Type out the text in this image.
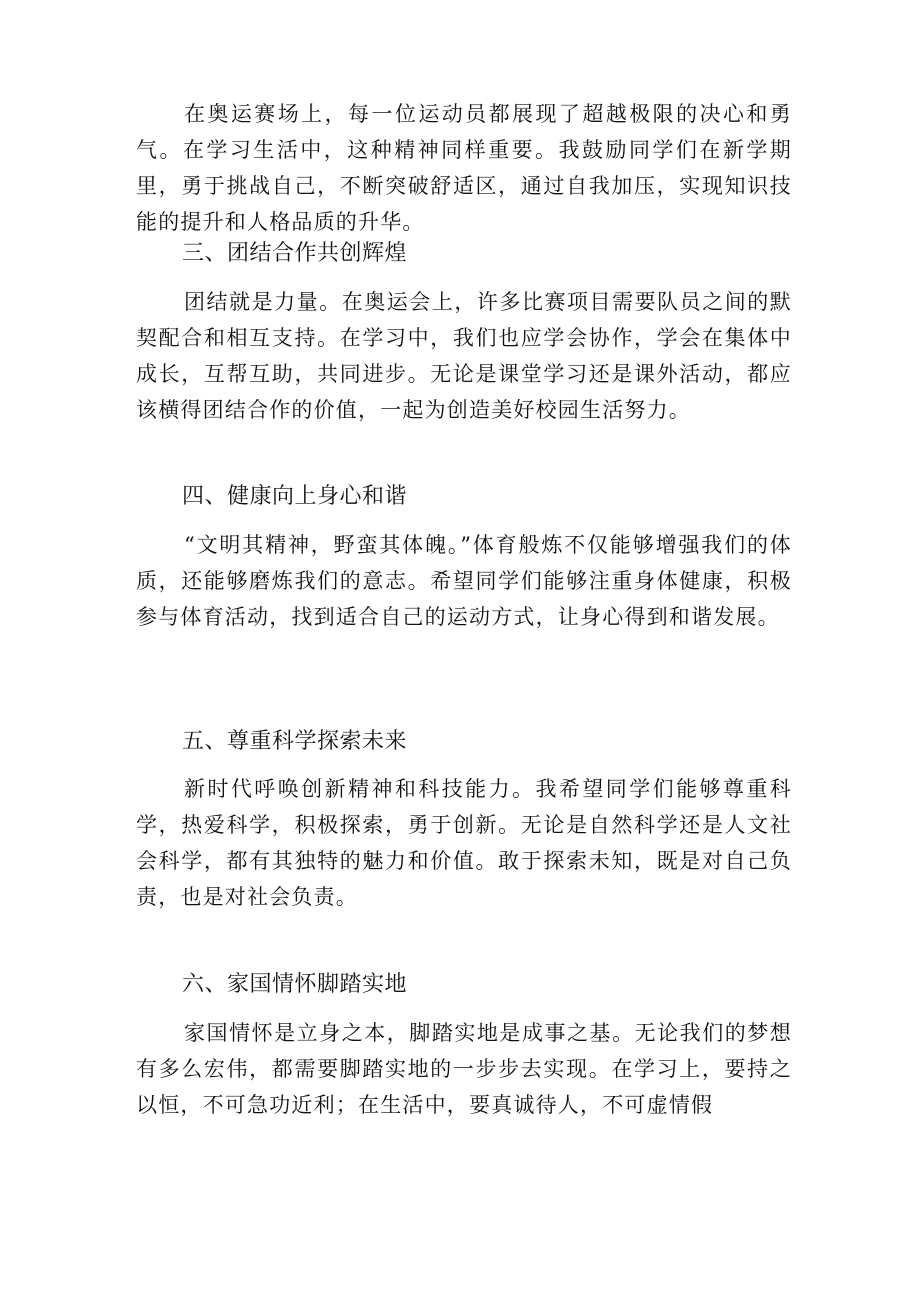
在奥运赛场上，每一位运动员都展现了超越极限的决心和勇气。在学习生活中，这种精神同样重要。我鼓励同学们在新学期里，勇于挑战自己，不断突破舒适区，通过自我加压，实现知识技能的提升和人格品质的升华。

三、团结合作共创辉煌

团结就是力量。在奥运会上，许多比赛项目需要队员之间的默契配合和相互支持。在学习中，我们也应学会协作，学会在集体中成长，互帮互助，共同进步。无论是课堂学习还是课外活动，都应该横得团结合作的价值，一起为创造美好校园生活努力。

四、健康向上身心和谐

“文明其精神，野蛮其体魄。”体育般炼不仅能够增强我们的体质，还能够磨炼我们的意志。希望同学们能够注重身体健康，积极参与体育活动，找到适合自己的运动方式，让身心得到和谐发展。

五、尊重科学探索未来

新时代呼唤创新精神和科技能力。我希望同学们能够尊重科学，热爱科学，积极探索，勇于创新。无论是自然科学还是人文社会科学，都有其独特的魅力和价值。敢于探索未知，既是对自己负责，也是对社会负责。

六、家国情怀脚踏实地

家国情怀是立身之本，脚踏实地是成事之基。无论我们的梦想有多么宏伟，都需要脚踏实地的一步步去实现。在学习上，要持之以恒，不可急功近利；在生活中，要真诚待人，不可虚情假
